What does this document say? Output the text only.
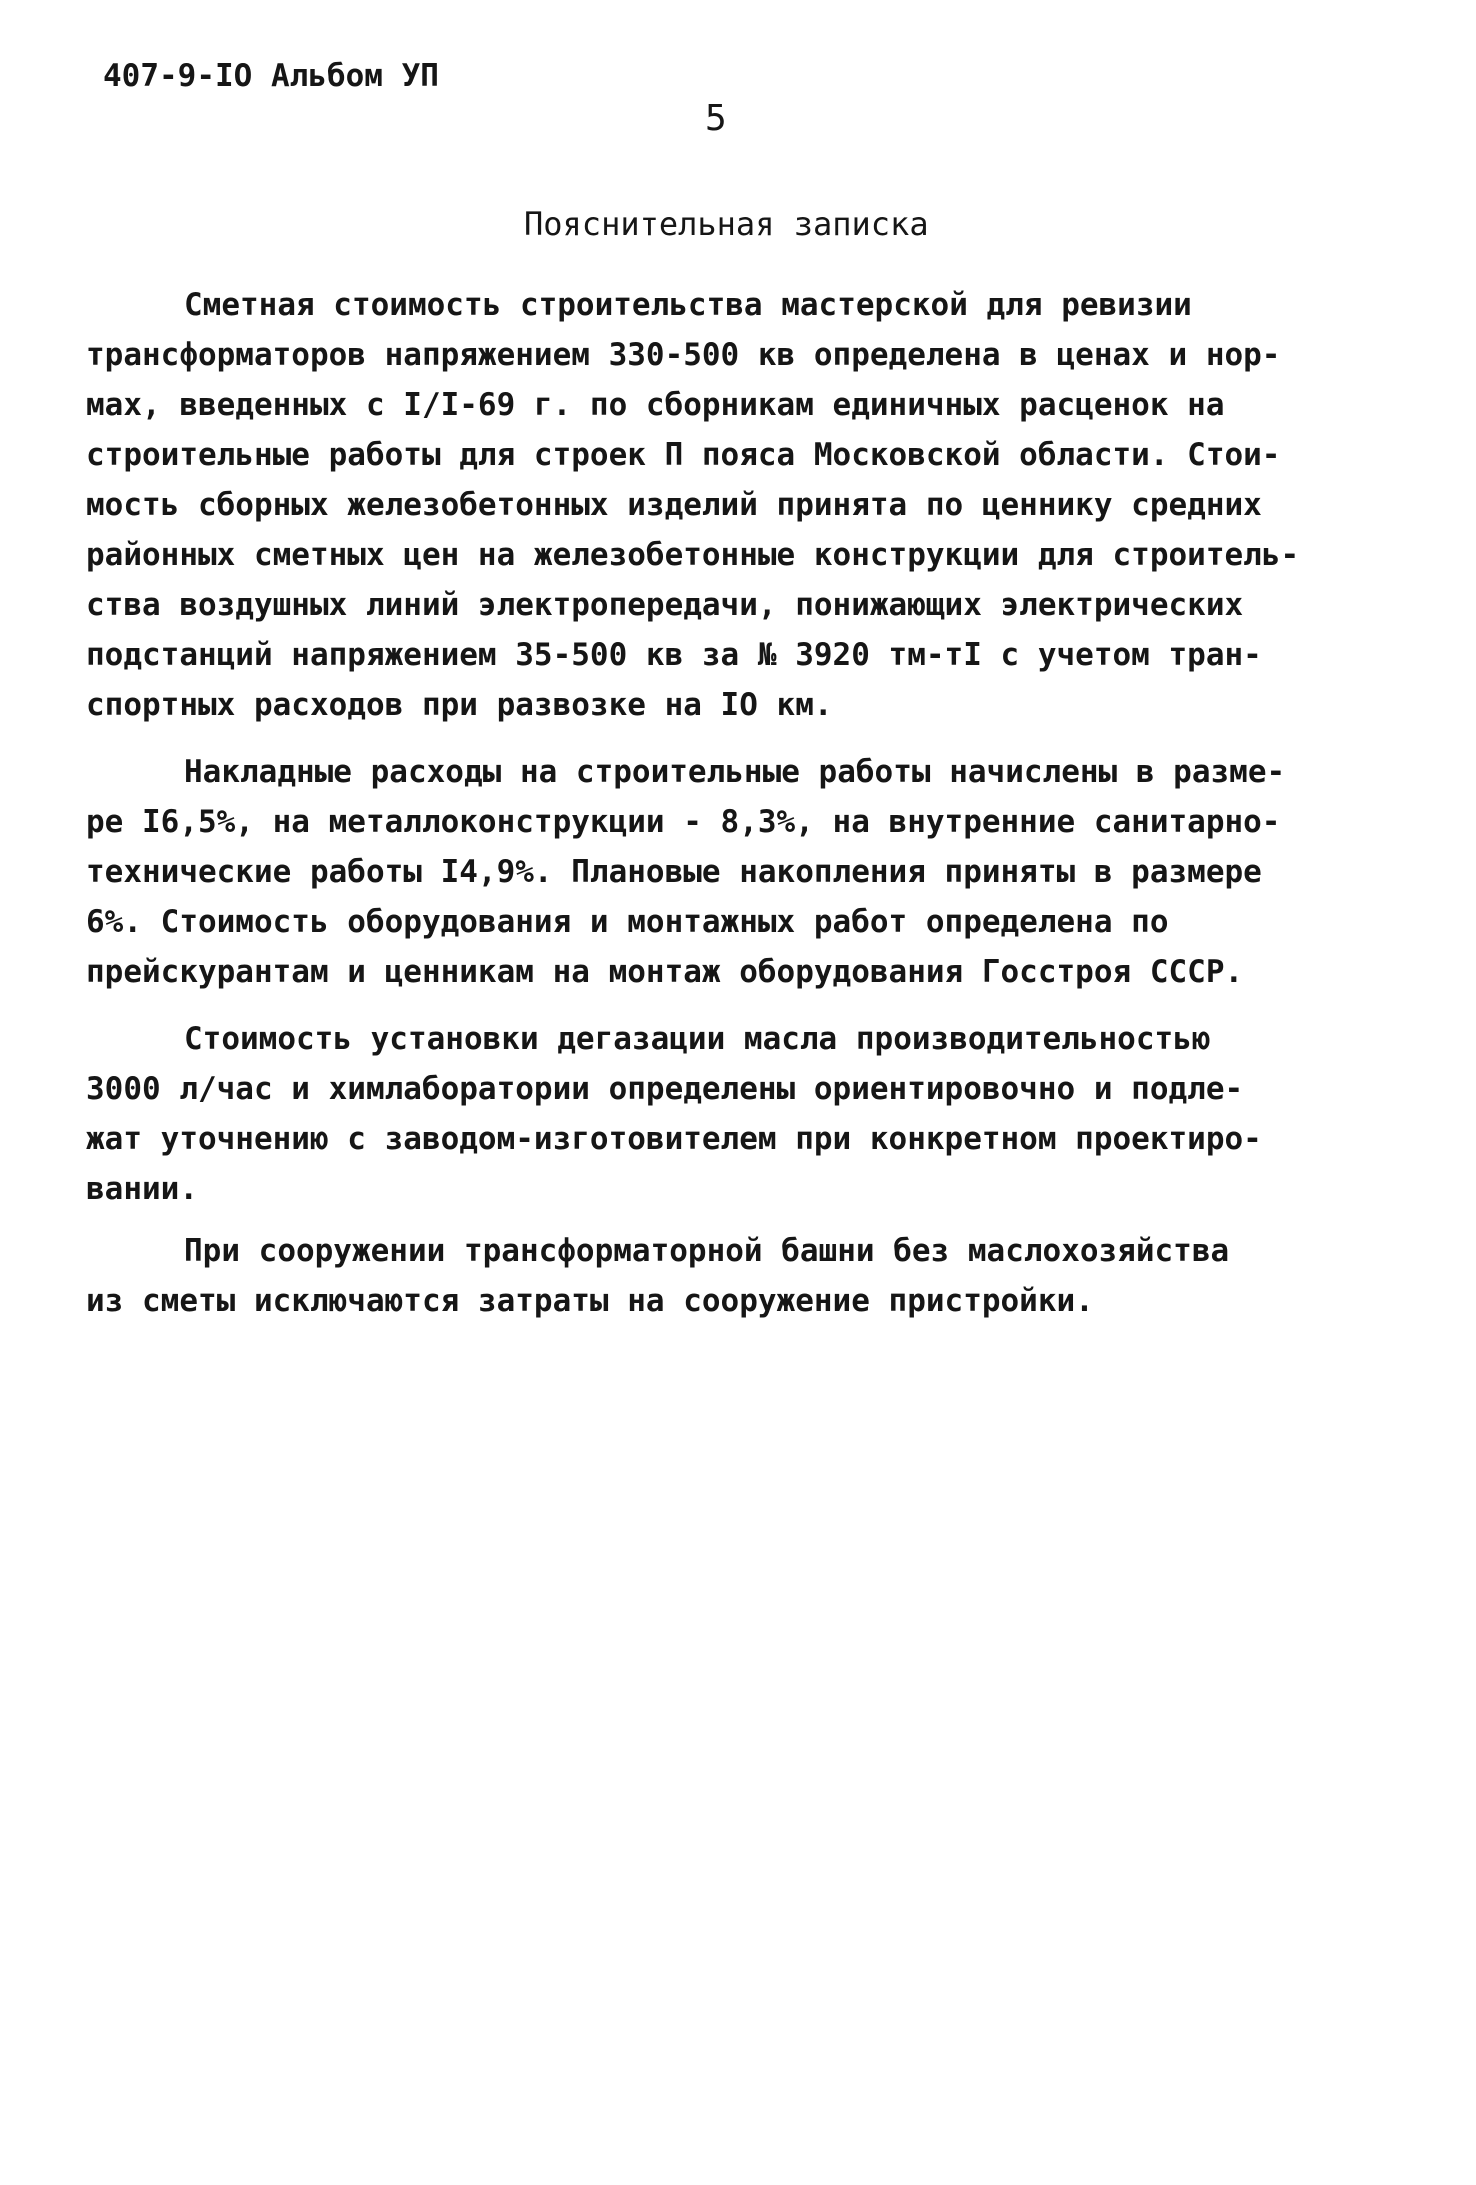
407-9-IO Альбом УП
5
Пояснительная записка
Сметная стоимость строительства мастерской для ревизии
трансформаторов напряжением 330-500 кв определена в ценах и нор-
мах, введенных с I/I-69 г. по сборникам единичных расценок на
строительные работы для строек П пояса Московской области. Стои-
мость сборных железобетонных изделий принята по ценнику средних
районных сметных цен на железобетонные конструкции для строитель-
ства воздушных линий электропередачи, понижающих электрических
подстанций напряжением 35-500 кв за № 3920 тм-тI с учетом тран-
спортных расходов при развозке на IO км.
Накладные расходы на строительные работы начислены в разме-
ре I6,5%, на металлоконструкции - 8,3%, на внутренние санитарно-
технические работы I4,9%. Плановые накопления приняты в размере
6%. Стоимость оборудования и монтажных работ определена по
прейскурантам и ценникам на монтаж оборудования Госстроя СССР.
Стоимость установки дегазации масла производительностью
3000 л/час и химлаборатории определены ориентировочно и подле-
жат уточнению с заводом-изготовителем при конкретном проектиро-
вании.
При сооружении трансформаторной башни без маслохозяйства
из сметы исключаются затраты на сооружение пристройки.
